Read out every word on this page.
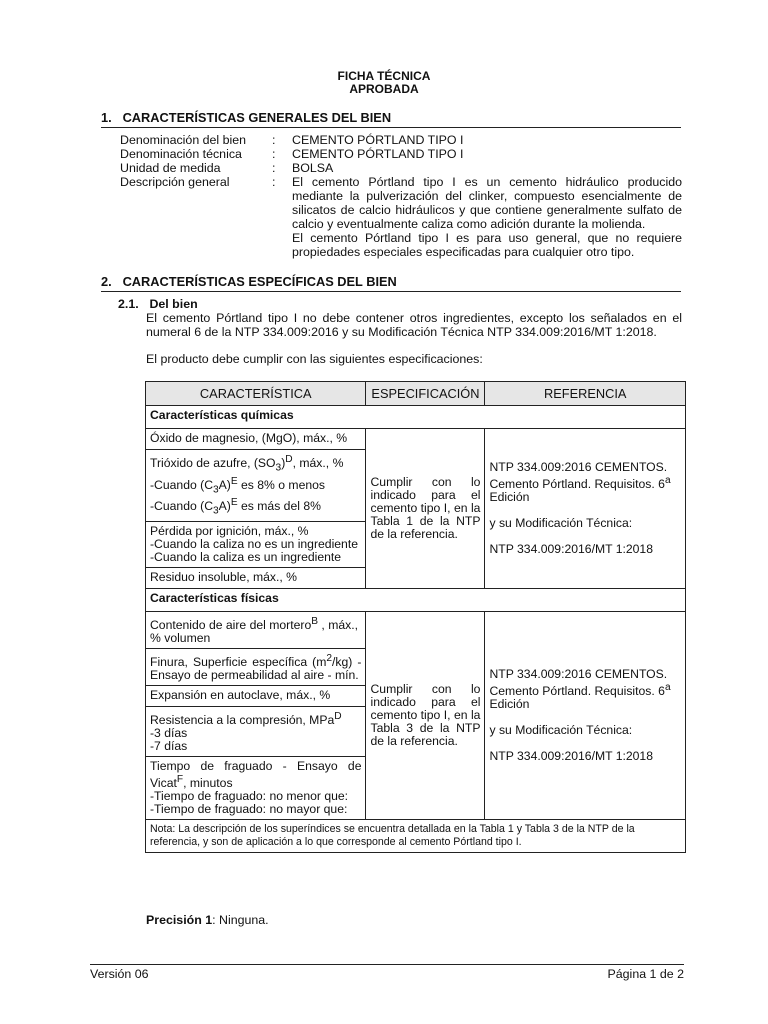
FICHA TÉCNICA
APROBADA
1. CARACTERÍSTICAS GENERALES DEL BIEN
Denominación del bien	:	CEMENTO PÓRTLAND TIPO I
Denominación técnica	:	CEMENTO PÓRTLAND TIPO I
Unidad de medida	:	BOLSA
Descripción general	:	El cemento Pórtland tipo I es un cemento hidráulico producido mediante la pulverización del clinker, compuesto esencialmente de silicatos de calcio hidráulicos y que contiene generalmente sulfato de calcio y eventualmente caliza como adición durante la molienda.
El cemento Pórtland tipo I es para uso general, que no requiere propiedades especiales especificadas para cualquier otro tipo.
2. CARACTERÍSTICAS ESPECÍFICAS DEL BIEN
2.1. Del bien
El cemento Pórtland tipo I no debe contener otros ingredientes, excepto los señalados en el numeral 6 de la NTP 334.009:2016 y su Modificación Técnica NTP 334.009:2016/MT 1:2018.
El producto debe cumplir con las siguientes especificaciones:
CARACTERÍSTICA	ESPECIFICACIÓN	REFERENCIA
Características químicas		
Óxido de magnesio, (MgO), máx., %	Cumplir con lo indicado para el cemento tipo I, en la Tabla 1 de la NTP de la referencia.	NTP 334.009:2016 CEMENTOS. Cemento Pórtland. Requisitos. 6$^a$ Edición
y su Modificación Técnica:
NTP 334.009:2016/MT 1:2018

Trióxido de azufre, $(SO_3)^D$, máx., %
-Cuando $(C_3A)^E$ es 8% o menos
-Cuando $(C_3A)^E$ es más del 8%		

Pérdida por ignición, máx., %
-Cuando la caliza no es un ingrediente
-Cuando la caliza es un ingrediente		

Residuo insoluble, máx., %		
Características físicas		
Contenido de aire del mortero$^B$ , máx., % volumen	Cumplir con lo indicado para el cemento tipo I, en la Tabla 3 de la NTP de la referencia.	NTP 334.009:2016 CEMENTOS. Cemento Pórtland. Requisitos. 6$^a$ Edición
y su Modificación Técnica:
NTP 334.009:2016/MT 1:2018

Finura, Superficie específica $(m^2/kg)$ - Ensayo de permeabilidad al aire - mín.		
Expansión en autoclave, máx., %		

Resistencia a la compresión, MPa$^D$
-3 días
-7 días		

Tiempo de fraguado - Ensayo de Vicat$^F$, minutos
-Tiempo de fraguado: no menor que:
-Tiempo de fraguado: no mayor que:		

Nota: La descripción de los superíndices se encuentra detallada en la Tabla 1 y Tabla 3 de la NTP de la referencia, y son de aplicación a lo que corresponde al cemento Pórtland tipo I.		
Precisión 1: Ninguna.
Versión 06	Página 1 de 2
